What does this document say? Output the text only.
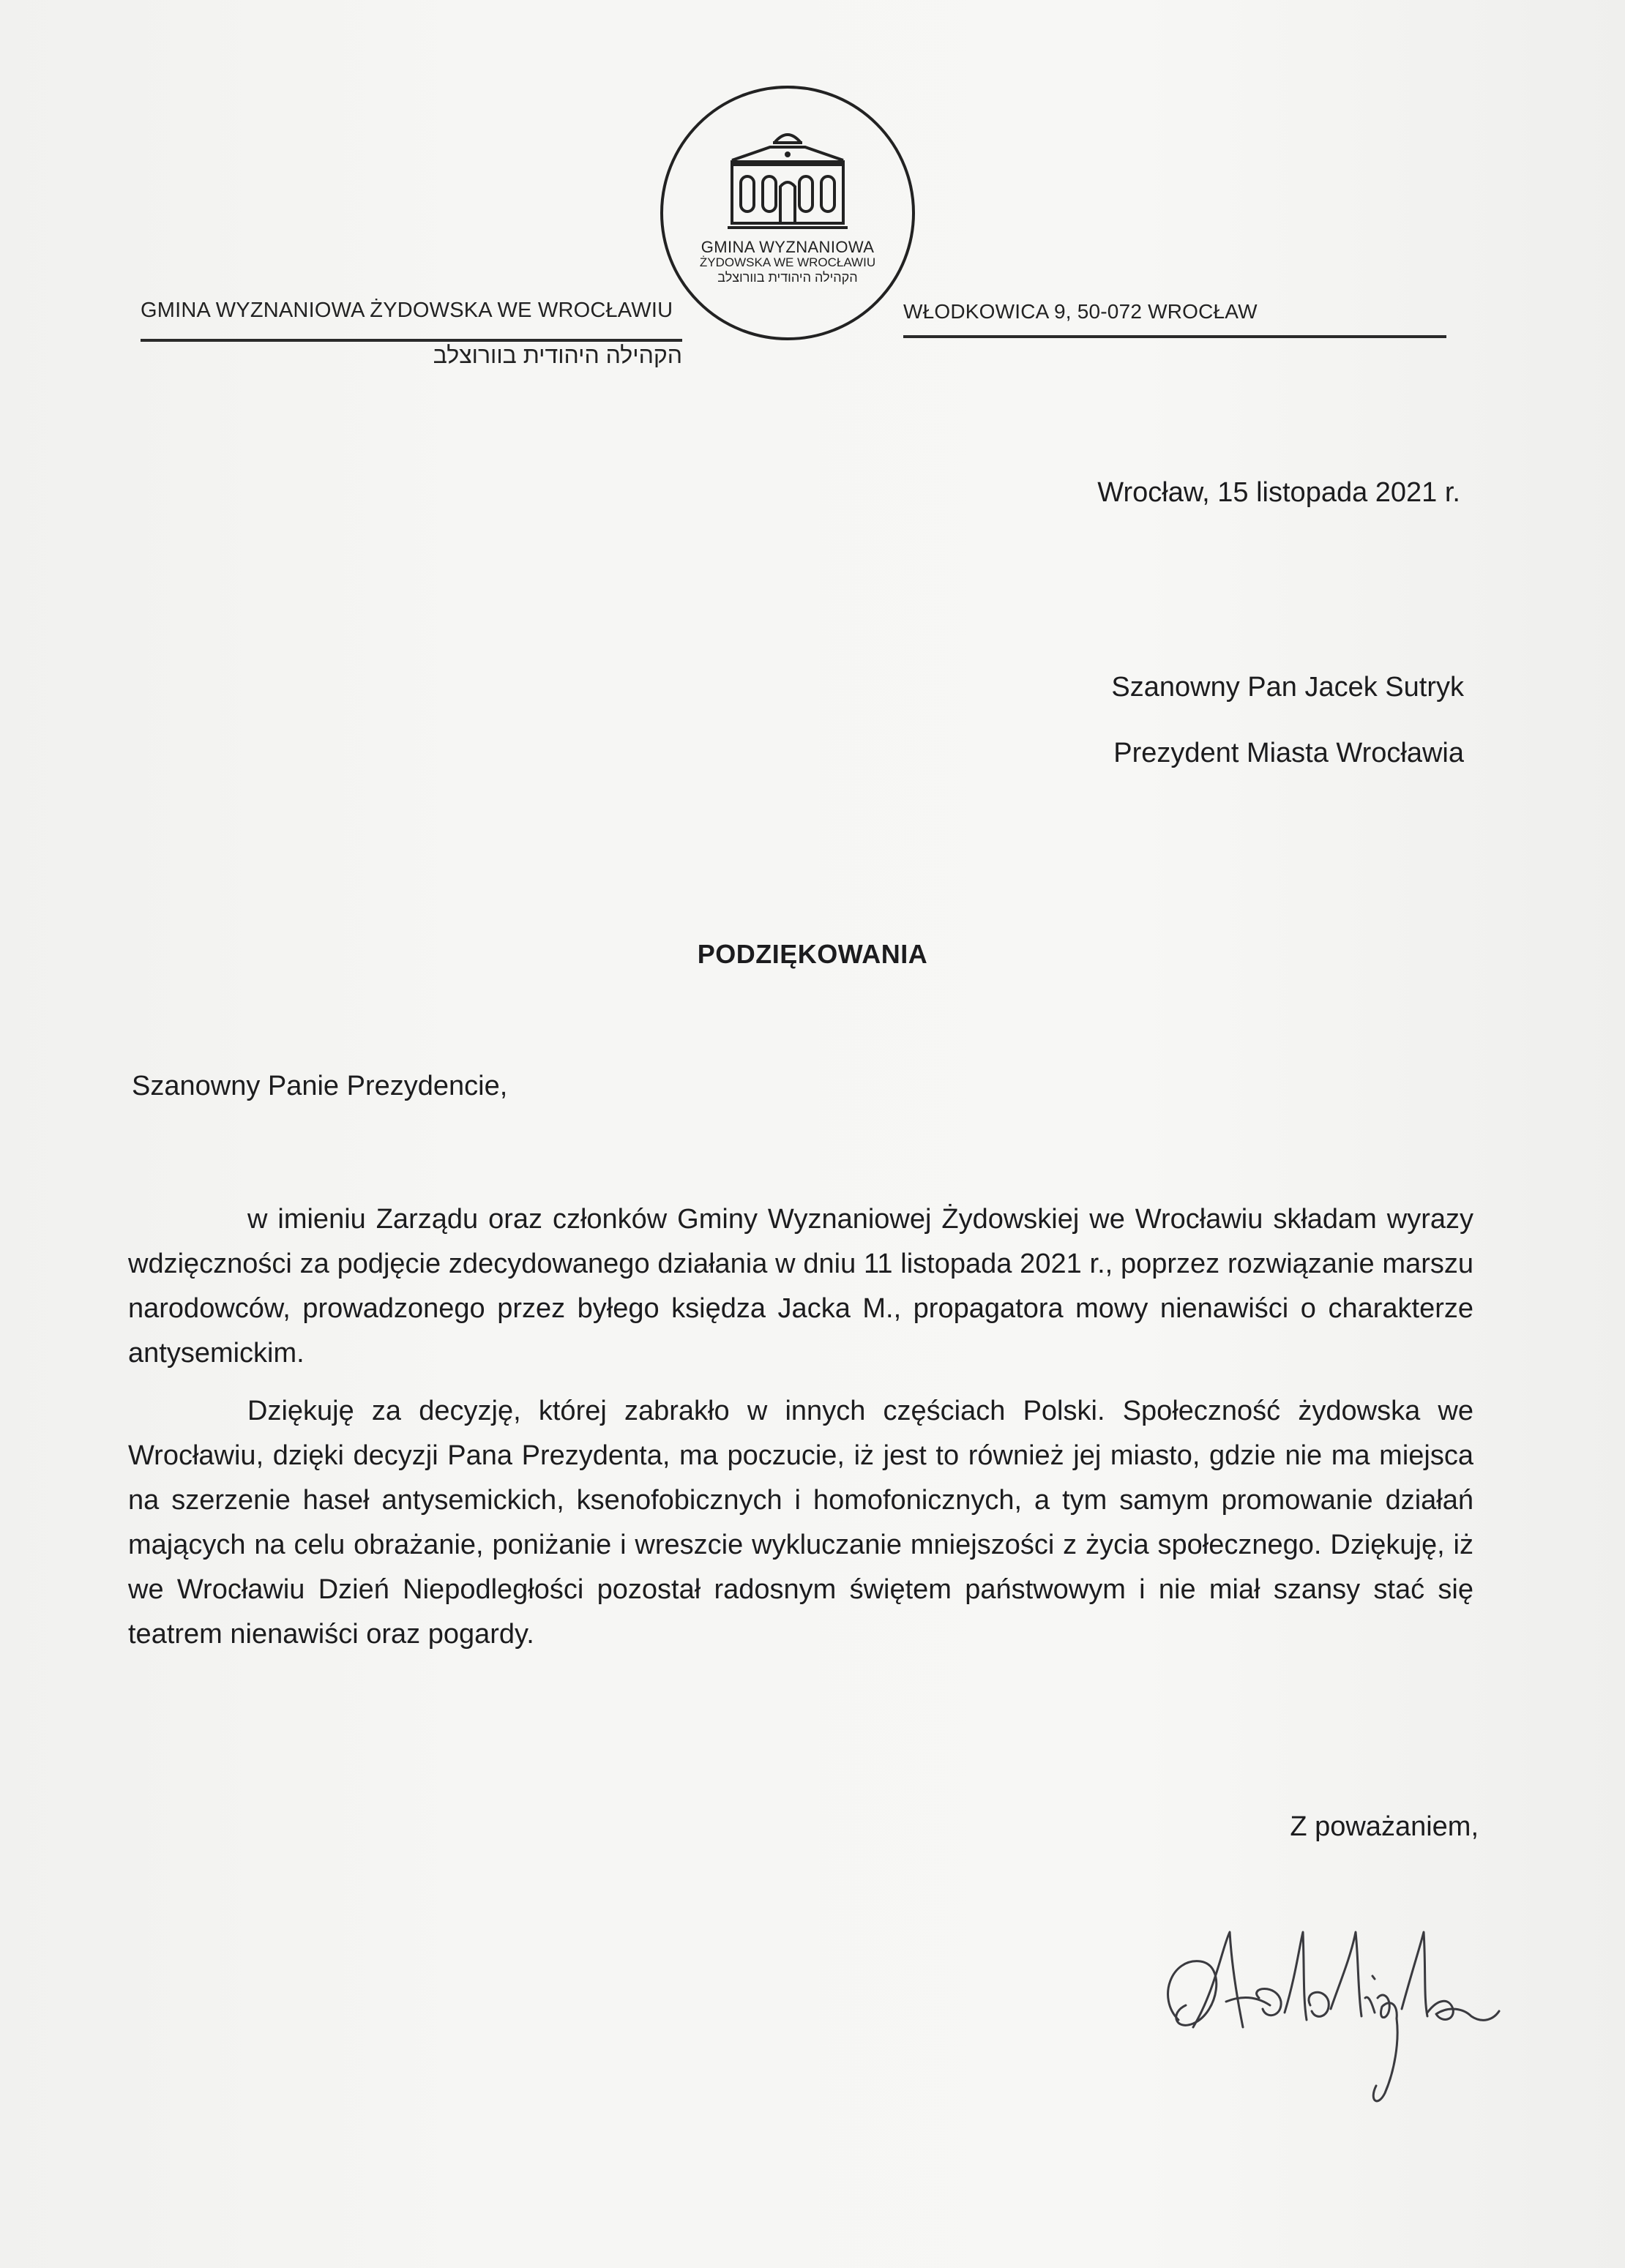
GMINA WYZNANIOWA
ŻYDOWSKA WE WROCŁAWIU
הקהילה היהודית בוורוצלב
GMINA WYZNANIOWA ŻYDOWSKA WE WROCŁAWIU
הקהילה היהודית בוורוצלב
WŁODKOWICA 9, 50-072 WROCŁAW
Wrocław, 15 listopada 2021 r.
Szanowny Pan Jacek Sutryk
Prezydent Miasta Wrocławia
PODZIĘKOWANIA
Szanowny Panie Prezydencie,
w imieniu Zarządu oraz członków Gminy Wyznaniowej Żydowskiej we Wrocławiu składam wyrazy wdzięczności za podjęcie zdecydowanego działania w dniu 11 listopada 2021 r., poprzez rozwiązanie marszu narodowców, prowadzonego przez byłego księdza Jacka M., propagatora mowy nienawiści o charakterze antysemickim.
Dziękuję za decyzję, której zabrakło w innych częściach Polski. Społeczność żydowska we Wrocławiu, dzięki decyzji Pana Prezydenta, ma poczucie, iż jest to również jej miasto, gdzie nie ma miejsca na szerzenie haseł antysemickich, ksenofobicznych i homofonicznych, a tym samym promowanie działań mających na celu obrażanie, poniżanie i wreszcie wykluczanie mniejszości z życia społecznego. Dziękuję, iż we Wrocławiu Dzień Niepodległości pozostał radosnym świętem państwowym i nie miał szansy stać się teatrem nienawiści oraz pogardy.
Z poważaniem,
